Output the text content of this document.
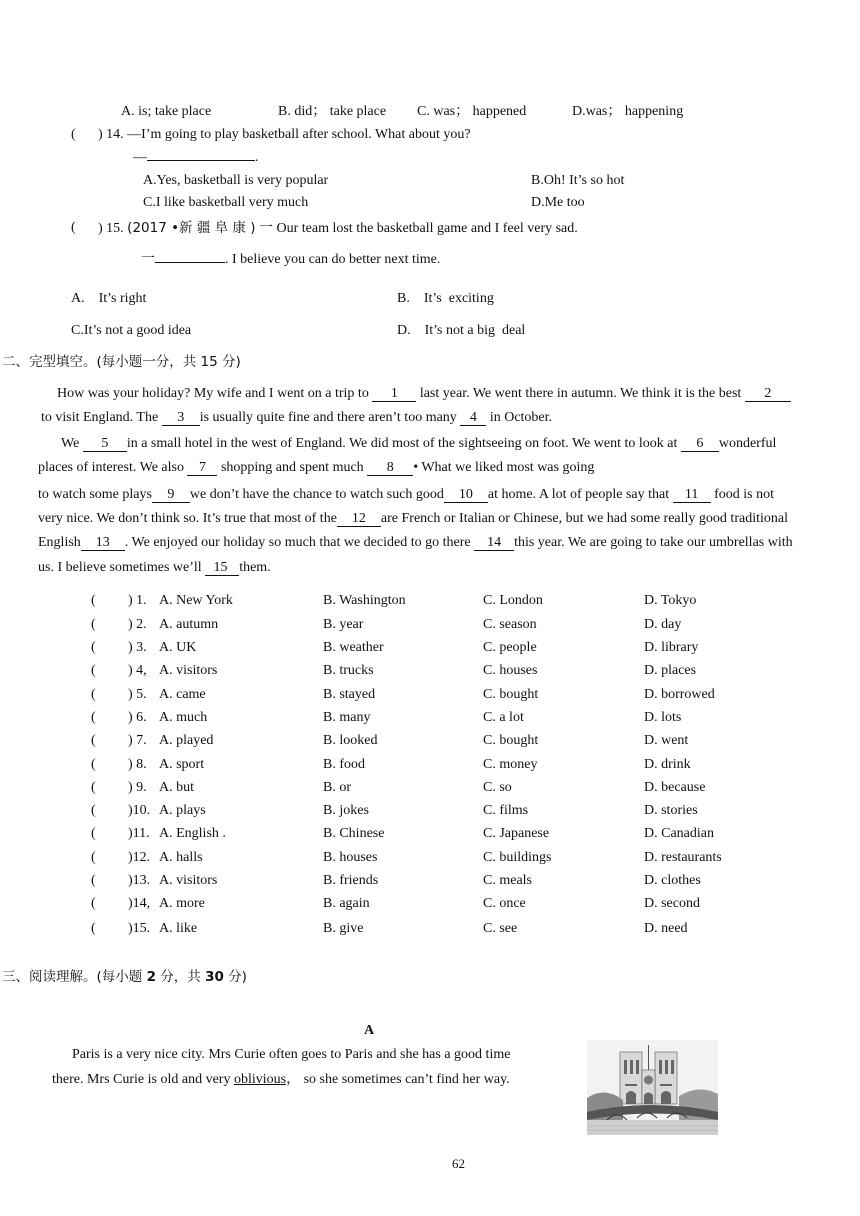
A. is; take place	B. did； take place C. was； happened	D.was； happening
( ) 14. —I’m going to play basketball after school. What about you?
—	.
A.Yes, basketball is very popular	B.Oh! It’s so hot
C.I like basketball very much	D.Me too
( ) 15. (2017 •新 疆 阜 康 ) 一 Our team lost the basketball game and I feel very sad.
一	. I believe you can do better next time.
A.    It’s right	B.    It’s  exciting
C.It’s not a good idea	D.    It’s not a big  deal
二、完型填空。(每小题一分，共 15 分)
How was your holiday? My wife and I went on a trip to 1 last year. We went there in autumn. We think it is the best 2
to visit England. The 3 is usually quite fine and there aren’t too many 4 in October.
We 5 in a small hotel in the west of England. We did most of the sightseeing on foot. We went to look at 6 wonderful
places of interest. We also 7 shopping and spent much 8 • What we liked most was going
to watch some plays 9 we don’t have the chance to watch such good 10 at home. A lot of people say that 11 food is not
very nice. We don’t think so. It’s true that most of the 12 are French or Italian or Chinese, but we had some really good traditional
English 13 . We enjoyed our holiday so much that we decided to go there 14 this year. We are going to take our umbrellas with
us. I believe sometimes we’ll 15 them.
( ) 1. A. New York	B. Washington	C. London	D. Tokyo
( ) 2. A. autumn	B. year	C. season	D. day
( ) 3. A. UK	B. weather	C. people	D. library
( ) 4, A. visitors	B. trucks	C. houses	D. places
( ) 5. A. came	B. stayed	C. bought	D. borrowed
( ) 6. A. much	B. many	C. a lot	D. lots
( ) 7. A. played	B. looked	C. bought	D. went
( ) 8. A. sport	B. food	C. money	D. drink
( ) 9. A. but	B. or	C. so	D. because
( )10. A. plays	B. jokes	C. films	D. stories
( )11. A. English .	B. Chinese	C. Japanese	D. Canadian
( )12. A. halls	B. houses	C. buildings	D. restaurants
( )13. A. visitors	B. friends	C. meals	D. clothes
( )14, A. more	B. again	C. once	D. second
( )15. A. like	B. give	C. see	D. need
三、阅读理解。(每小题 2 分，共 30 分)
A
Paris is a very nice city. Mrs Curie often goes to Paris and she has a good time
there. Mrs Curie is old and very oblivious， so she sometimes can’t find her way.
62
